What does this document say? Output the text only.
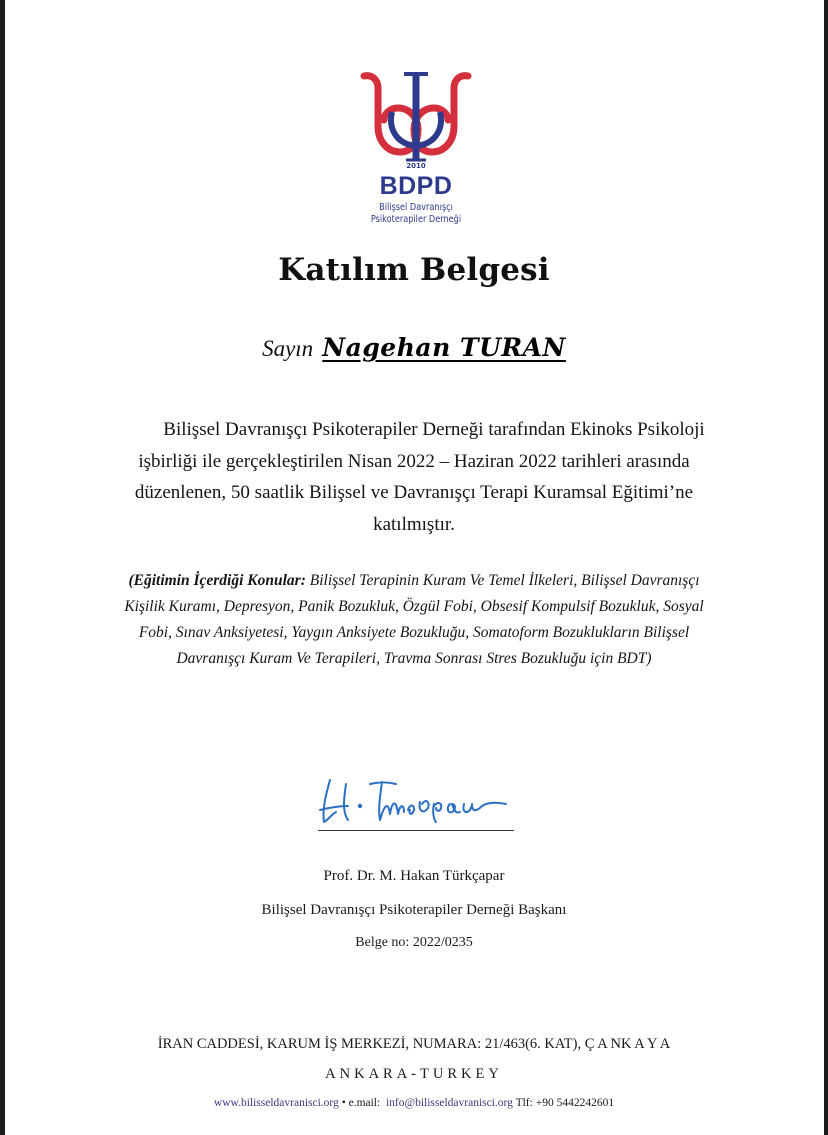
2010
BDPD
Bilişsel Davranışçı
Psikoterapiler Derneği
Katılım Belgesi
Sayın Nagehan TURAN
Bilişsel Davranışçı Psikoterapiler Derneği tarafından Ekinoks Psikoloji işbirliği ile gerçekleştirilen Nisan 2022 – Haziran 2022 tarihleri arasında düzenlenen, 50 saatlik Bilişsel ve Davranışçı Terapi Kuramsal Eğitimi’ne katılmıştır.
(Eğitimin İçerdiği Konular: Bilişsel Terapinin Kuram Ve Temel İlkeleri, Bilişsel Davranışçı Kişilik Kuramı, Depresyon, Panik Bozukluk, Özgül Fobi, Obsesif Kompulsif Bozukluk, Sosyal Fobi, Sınav Anksiyetesi, Yaygın Anksiyete Bozukluğu, Somatoform Bozuklukların Bilişsel Davranışçı Kuram Ve Terapileri, Travma Sonrası Stres Bozukluğu için BDT)
Prof. Dr. M. Hakan Türkçapar
Bilişsel Davranışçı Psikoterapiler Derneği Başkanı
Belge no: 2022/0235
İRAN CADDESİ, KARUM İŞ MERKEZİ, NUMARA: 21/463(6. KAT), Ç A NK A Y A
ANKARA-TURKEY
www.bilisseldavranisci.org • e.mail:  info@bilisseldavranisci.org Tlf: +90 5442242601
